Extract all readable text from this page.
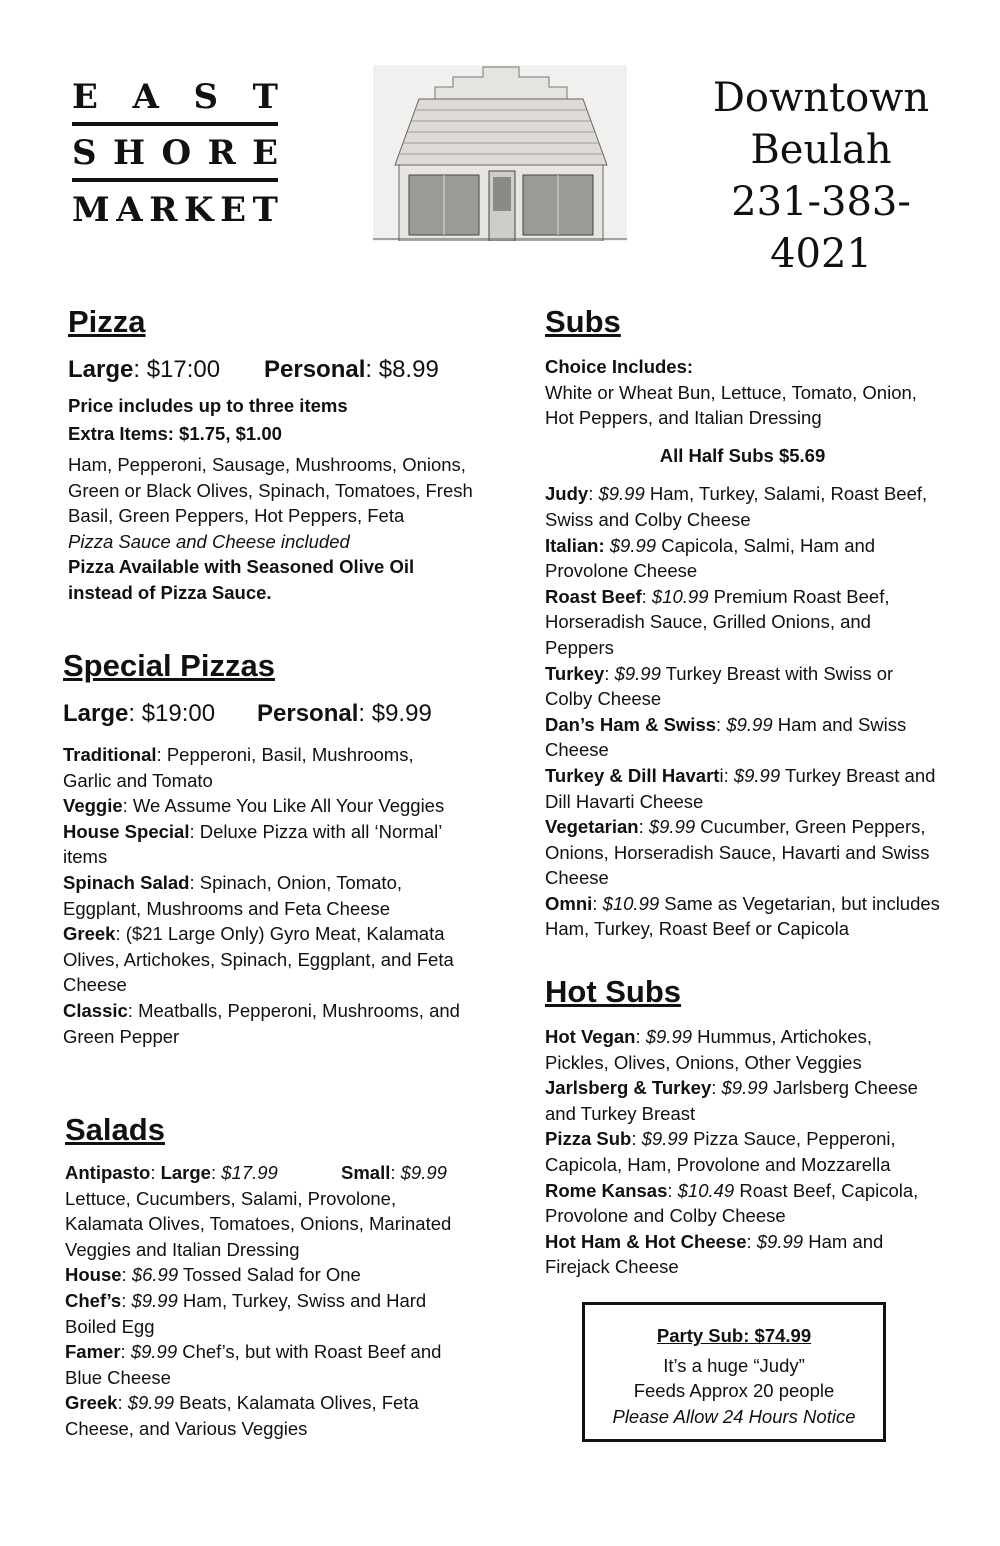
E A S T
S H O R E
M A R K E T
Downtown
Beulah
231-383-4021
Pizza
Large: $17:00 Personal: $8.99

Price includes up to three items

Extra Items: $1.75, $1.00

Ham, Pepperoni, Sausage, Mushrooms, Onions, Green or Black Olives, Spinach, Tomatoes, Fresh Basil, Green Peppers, Hot Peppers, Feta

Pizza Sauce and Cheese included

Pizza Available with Seasoned Olive Oil instead of Pizza Sauce.

Special Pizzas
Large: $19:00 Personal: $9.99

Traditional: Pepperoni, Basil, Mushrooms, Garlic and Tomato

Veggie: We Assume You Like All Your Veggies

House Special: Deluxe Pizza with all ‘Normal’ items

Spinach Salad: Spinach, Onion, Tomato, Eggplant, Mushrooms and Feta Cheese

Greek: ($21 Large Only) Gyro Meat, Kalamata Olives, Artichokes, Spinach, Eggplant, and Feta Cheese

Classic: Meatballs, Pepperoni, Mushrooms, and Green Pepper

Salads

Antipasto: Large: $17.99	Small: $9.99

Lettuce, Cucumbers, Salami, Provolone, Kalamata Olives, Tomatoes, Onions, Marinated Veggies and Italian Dressing

House: $6.99 Tossed Salad for One

Chef’s: $9.99 Ham, Turkey, Swiss and Hard Boiled Egg

Famer: $9.99 Chef’s, but with Roast Beef and Blue Cheese

Greek: $9.99 Beats, Kalamata Olives, Feta Cheese, and Various Veggies

Subs

Choice Includes:

White or Wheat Bun, Lettuce, Tomato, Onion, Hot Peppers, and Italian Dressing

All Half Subs $5.69

Judy: $9.99 Ham, Turkey, Salami, Roast Beef, Swiss and Colby Cheese

Italian: $9.99 Capicola, Salmi, Ham and Provolone Cheese

Roast Beef: $10.99 Premium Roast Beef, Horseradish Sauce, Grilled Onions, and Peppers

Turkey: $9.99 Turkey Breast with Swiss or Colby Cheese

Dan’s Ham & Swiss: $9.99 Ham and Swiss Cheese

Turkey & Dill Havarti: $9.99 Turkey Breast and Dill Havarti Cheese

Vegetarian: $9.99 Cucumber, Green Peppers, Onions, Horseradish Sauce, Havarti and Swiss Cheese

Omni: $10.99 Same as Vegetarian, but includes Ham, Turkey, Roast Beef or Capicola

Hot Subs

Hot Vegan: $9.99 Hummus, Artichokes, Pickles, Olives, Onions, Other Veggies

Jarlsberg & Turkey: $9.99 Jarlsberg Cheese and Turkey Breast

Pizza Sub: $9.99 Pizza Sauce, Pepperoni, Capicola, Ham, Provolone and Mozzarella

Rome Kansas: $10.49 Roast Beef, Capicola, Provolone and Colby Cheese

Hot Ham & Hot Cheese: $9.99 Ham and Firejack Cheese

Party Sub: $74.99

It’s a huge “Judy”

Feeds Approx 20 people

Please Allow 24 Hours Notice
